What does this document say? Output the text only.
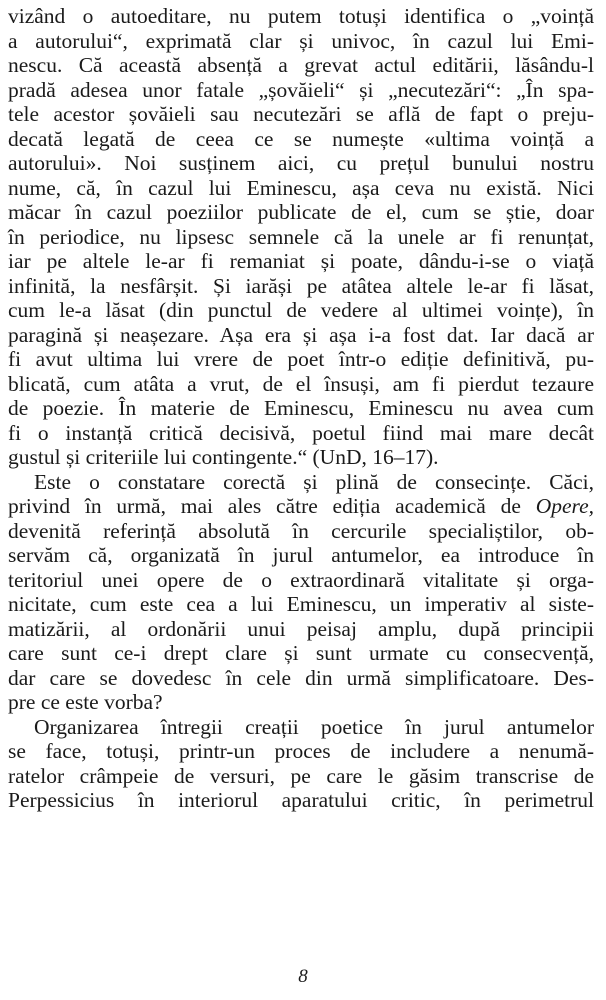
vizând o autoeditare, nu putem totuși identifica o „voință
a autorului“, exprimată clar și univoc, în cazul lui Emi-
nescu. Că această absență a grevat actul editării, lăsându-l
pradă adesea unor fatale „șovăieli“ și „necutezări“: „În spa-
tele acestor șovăieli sau necutezări se află de fapt o preju-
decată legată de ceea ce se numește «ultima voință a
autorului». Noi susținem aici, cu prețul bunului nostru
nume, că, în cazul lui Eminescu, așa ceva nu există. Nici
măcar în cazul poeziilor publicate de el, cum se știe, doar
în periodice, nu lipsesc semnele că la unele ar fi renunțat,
iar pe altele le-ar fi remaniat și poate, dându-i-se o viață
infinită, la nesfârșit. Și iarăși pe atâtea altele le-ar fi lăsat,
cum le-a lăsat (din punctul de vedere al ultimei voințe), în
paragină și neașezare. Așa era și așa i-a fost dat. Iar dacă ar
fi avut ultima lui vrere de poet într-o ediție definitivă, pu-
blicată, cum atâta a vrut, de el însuși, am fi pierdut tezaure
de poezie. În materie de Eminescu, Eminescu nu avea cum
fi o instanță critică decisivă, poetul fiind mai mare decât
gustul și criteriile lui contingente.“ (UnD, 16–17).
Este o constatare corectă și plină de consecințe. Căci,
privind în urmă, mai ales către ediția academică de Opere,
devenită referință absolută în cercurile specialiștilor, ob-
servăm că, organizată în jurul antumelor, ea introduce în
teritoriul unei opere de o extraordinară vitalitate și orga-
nicitate, cum este cea a lui Eminescu, un imperativ al siste-
matizării, al ordonării unui peisaj amplu, după principii
care sunt ce-i drept clare și sunt urmate cu consecvență,
dar care se dovedesc în cele din urmă simplificatoare. Des-
pre ce este vorba?
Organizarea întregii creații poetice în jurul antumelor
se face, totuși, printr-un proces de includere a nenumă-
ratelor crâmpeie de versuri, pe care le găsim transcrise de
Perpessicius în interiorul aparatului critic, în perimetrul
8
